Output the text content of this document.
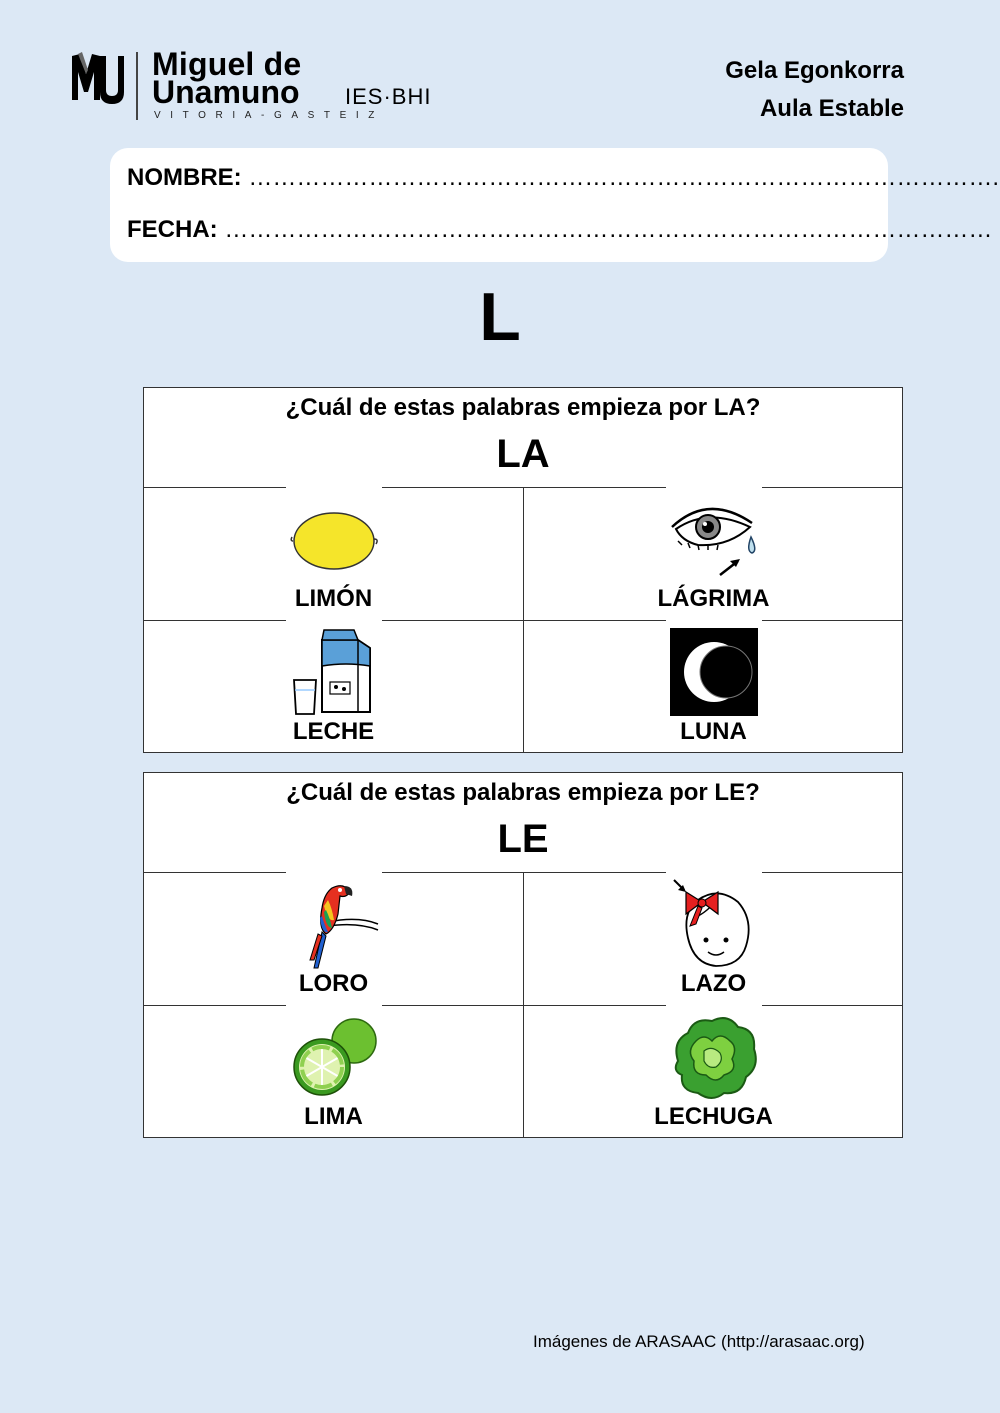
Miguel de
Unamuno IES·BHI
VITORIA-GASTEIZ
Gela Egonkorra
Aula Estable
NOMBRE: ………………………………………………………………………………….
FECHA: ……………………………………………………………………………………
L
¿Cuál de estas palabras empieza por LA?
LA
LIMÓN	LÁGRIMA
LECHE	LUNA
¿Cuál de estas palabras empieza por LE?
LE
LORO	LAZO
LIMA	LECHUGA
Imágenes de ARASAAC (http://arasaac.org)
